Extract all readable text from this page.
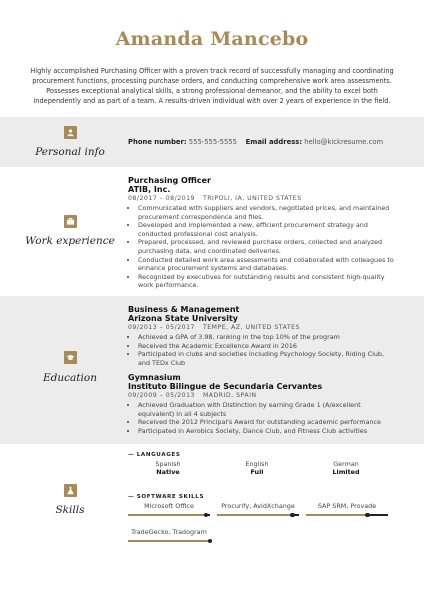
Amanda Mancebo
Highly accomplished Purchasing Officer with a proven track record of successfully managing and coordinating procurement functions, processing purchase orders, and conducting comprehensive work area assessments. Possesses exceptional analytical skills, a strong professional demeanor, and the ability to excel both independently and as part of a team. A results-driven individual with over 2 years of experience in the field.
Personal info
Phone number: 555-555-5555 Email address: hello@kickresume.com
Work experience
Purchasing Officer
ATIB, Inc.
08/2017 – 08/2019 TRIPOLI, IA, UNITED STATES
• Communicated with suppliers and vendors, negotiated prices, and maintained procurement correspondence and files.
• Developed and implemented a new, efficient procurement strategy and conducted professional cost analysis.
• Prepared, processed, and reviewed purchase orders, collected and analyzed purchasing data, and coordinated deliveries.
• Conducted detailed work area assessments and collaborated with colleagues to enhance procurement systems and databases.
• Recognized by executives for outstanding results and consistent high-quality work performance.
Education
Business & Management
Arizona State University
09/2013 – 05/2017 TEMPE, AZ, UNITED STATES
• Achieved a GPA of 3.98, ranking in the top 10% of the program
• Received the Academic Excellence Award in 2016
• Participated in clubs and societies including Psychology Society, Riding Club, and TEDx Club
Gymnasium
Instituto Bilingue de Secundaria Cervantes
09/2009 – 05/2013 MADRID, SPAIN
• Achieved Graduation with Distinction by earning Grade 1 (A/excellent equivalent) in all 4 subjects
• Received the 2012 Principal's Award for outstanding academic performance
• Participated in Aerobics Society, Dance Club, and Fitness Club activities
Skills
— LANGUAGES
Spanish
Native
English
Full
German
Limited
— SOFTWARE SKILLS
Microsoft Office	Procurify, AvidXchange	SAP SRM, Provade
TradeGecko, Tradogram
